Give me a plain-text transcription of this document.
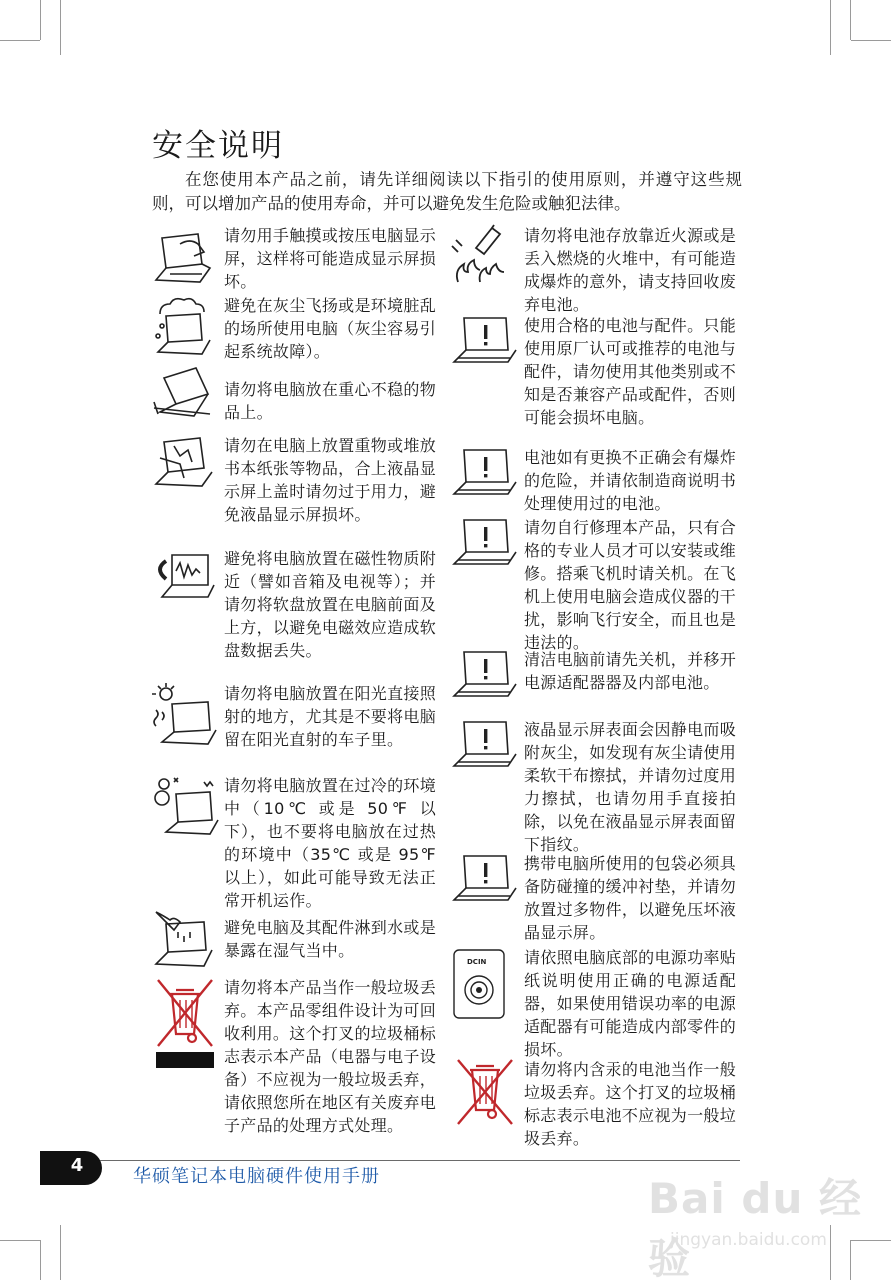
安全说明

在您使用本产品之前，请先详细阅读以下指引的使用原则，并遵守这些规则，可以增加产品的使用寿命，并可以避免发生危险或触犯法律。

请勿用手触摸或按压电脑显示屏，这样将可能造成显示屏损坏。

避免在灰尘飞扬或是环境脏乱的场所使用电脑（灰尘容易引起系统故障）。

请勿将电脑放在重心不稳的物品上。

请勿在电脑上放置重物或堆放书本纸张等物品，合上液晶显示屏上盖时请勿过于用力，避免液晶显示屏损坏。

避免将电脑放置在磁性物质附近（譬如音箱及电视等）；并请勿将软盘放置在电脑前面及上方，以避免电磁效应造成软盘数据丢失。

请勿将电脑放置在阳光直接照射的地方，尤其是不要将电脑留在阳光直射的车子里。

请勿将电脑放置在过冷的环境中（10℃ 或是 50℉ 以下），也不要将电脑放在过热的环境中（35℃ 或是 95℉ 以上），如此可能导致无法正常开机运作。

避免电脑及其配件淋到水或是暴露在湿气当中。

请勿将本产品当作一般垃圾丢弃。本产品零组件设计为可回收利用。这个打叉的垃圾桶标志表示本产品（电器与电子设备）不应视为一般垃圾丢弃，请依照您所在地区有关废弃电子产品的处理方式处理。

请勿将电池存放靠近火源或是丢入燃烧的火堆中，有可能造成爆炸的意外，请支持回收废弃电池。

使用合格的电池与配件。只能使用原厂认可或推荐的电池与配件，请勿使用其他类别或不知是否兼容产品或配件，否则可能会损坏电脑。

电池如有更换不正确会有爆炸的危险，并请依制造商说明书处理使用过的电池。

请勿自行修理本产品，只有合格的专业人员才可以安装或维修。搭乘飞机时请关机。在飞机上使用电脑会造成仪器的干扰，影响飞行安全，而且也是违法的。

清洁电脑前请先关机，并移开电源适配器器及内部电池。

液晶显示屏表面会因静电而吸附灰尘，如发现有灰尘请使用柔软干布擦拭，并请勿过度用力擦拭，也请勿用手直接拍除，以免在液晶显示屏表面留下指纹。

携带电脑所使用的包袋必须具备防碰撞的缓冲衬垫，并请勿放置过多物件，以避免压坏液晶显示屏。

DCIN 请依照电脑底部的电源功率贴纸说明使用正确的电源适配器，如果使用错误功率的电源适配器有可能造成内部零件的损坏。

请勿将内含汞的电池当作一般垃圾丢弃。这个打叉的垃圾桶标志表示电池不应视为一般垃圾丢弃。

4
华硕笔记本电脑硬件使用手册	Bai du 经验
jingyan.baidu.com
